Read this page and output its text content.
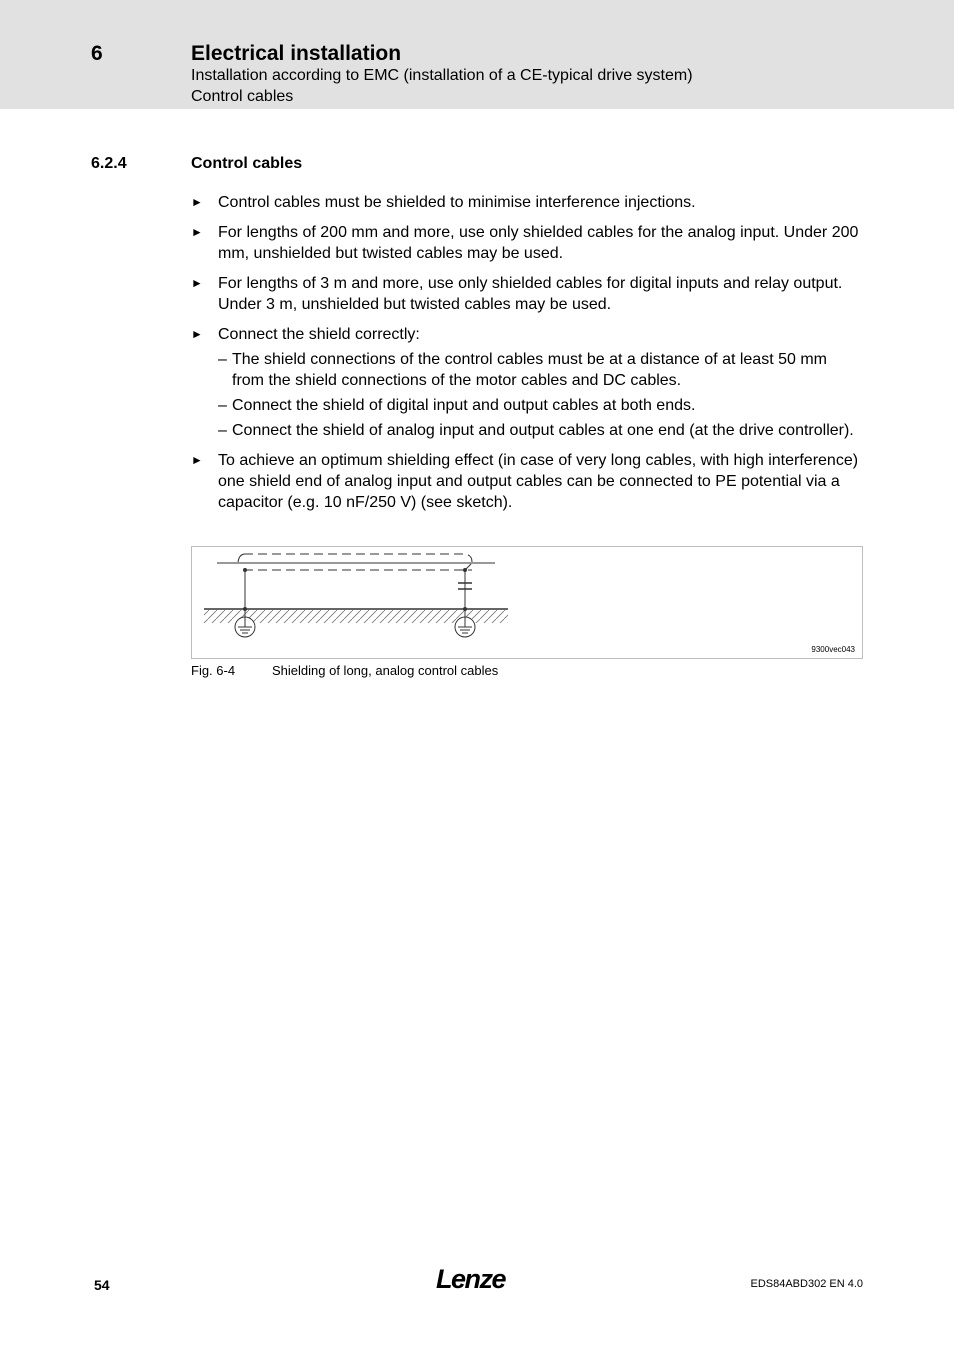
6	Electrical installation
Installation according to EMC (installation of a CE-typical drive system)
Control cables
6.2.4	Control cables
► Control cables must be shielded to minimise interference injections.
► For lengths of 200 mm and more, use only shielded cables for the analog input. Under 200 mm, unshielded but twisted cables may be used.
► For lengths of 3 m and more, use only shielded cables for digital inputs and relay output. Under 3 m, unshielded but twisted cables may be used.
► Connect the shield correctly:
– The shield connections of the control cables must be at a distance of at least 50 mm from the shield connections of the motor cables and DC cables.
– Connect the shield of digital input and output cables at both ends.
– Connect the shield of analog input and output cables at one end (at the drive controller).
► To achieve an optimum shielding effect (in case of very long cables, with high interference) one shield end of analog input and output cables can be connected to PE potential via a capacitor (e.g. 10 nF/250 V) (see sketch).
9300vec043
Fig. 6-4	Shielding of long, analog control cables
54	Lenze	EDS84ABD302 EN 4.0
